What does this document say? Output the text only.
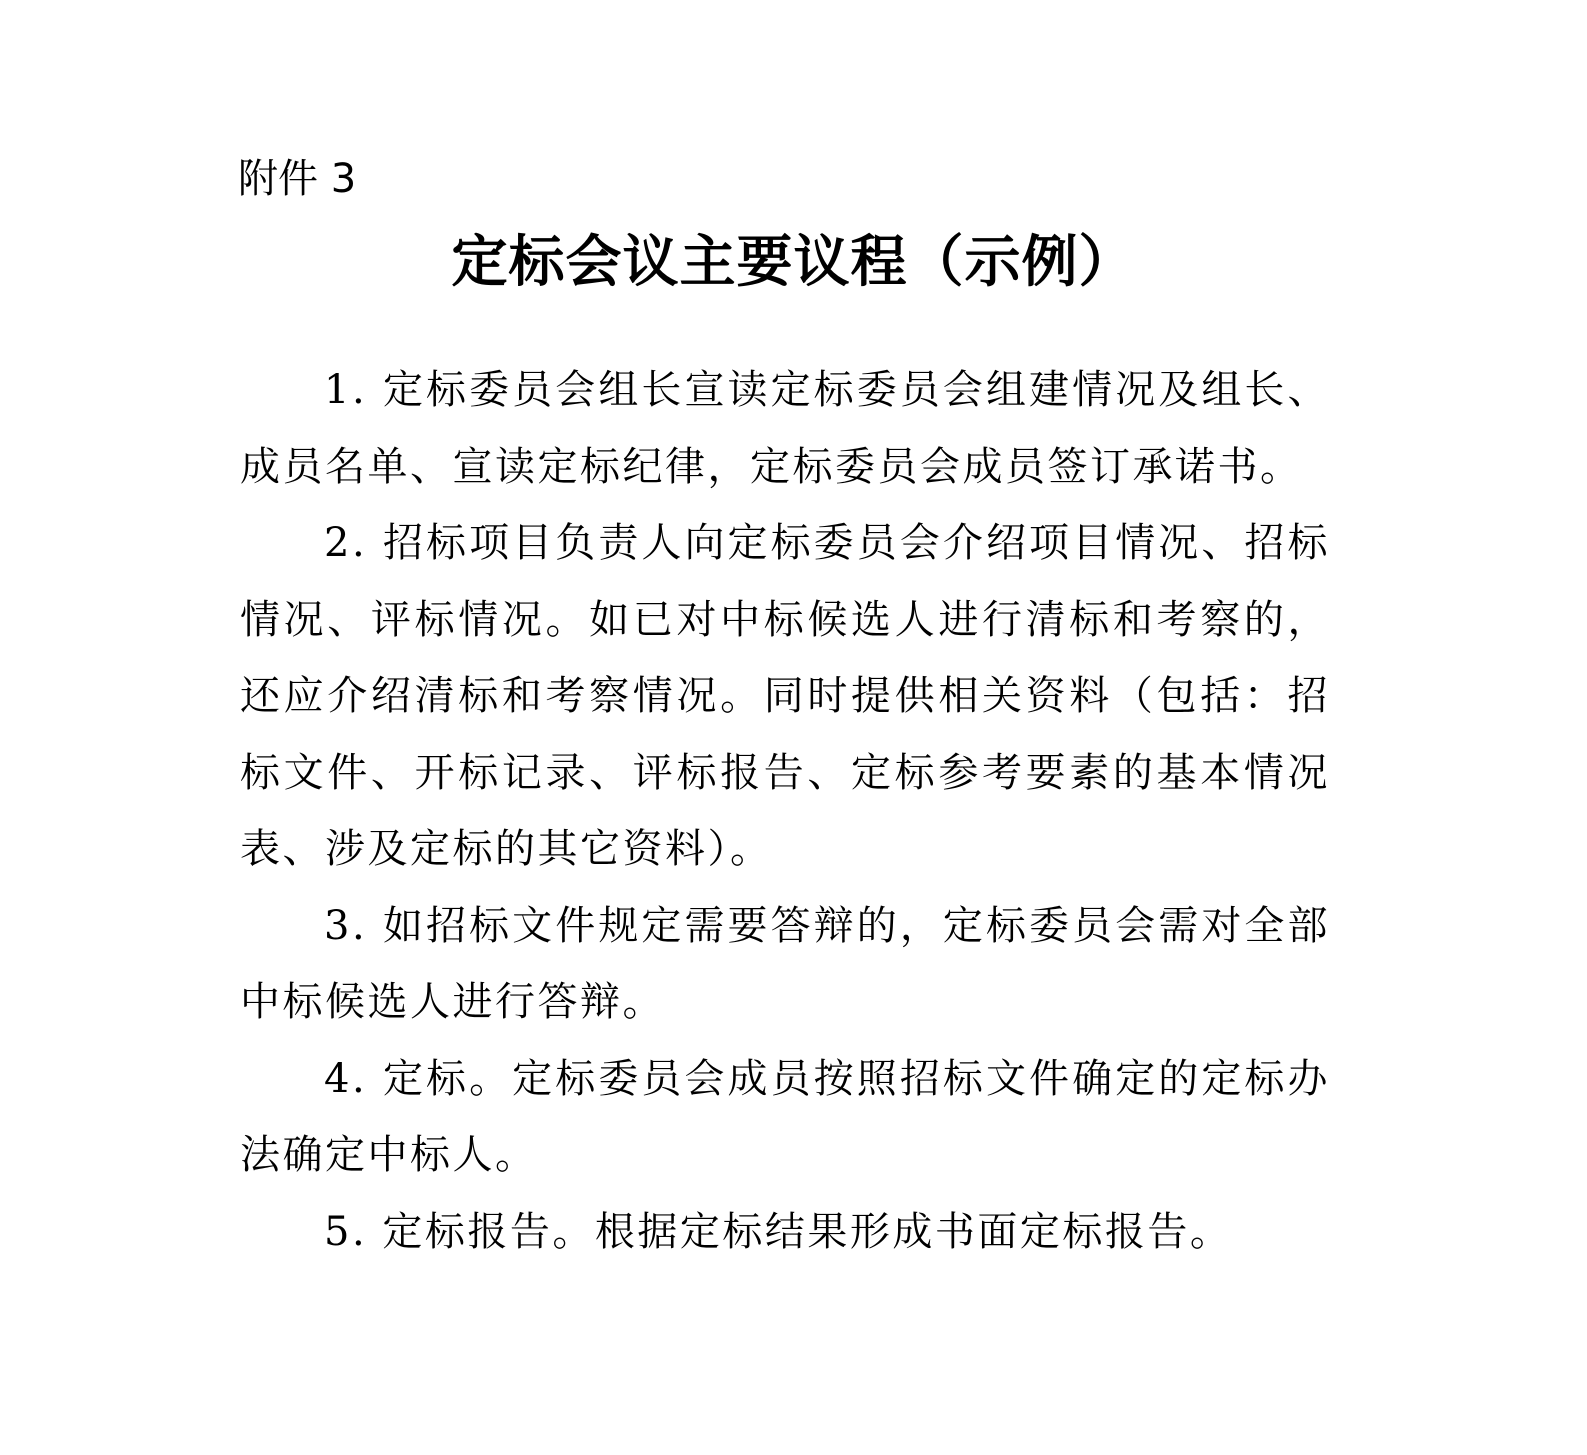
附件 3
定标会议主要议程（示例）

1. 定标委员会组长宣读定标委员会组建情况及组长、成员名单、宣读定标纪律，定标委员会成员签订承诺书。

2. 招标项目负责人向定标委员会介绍项目情况、招标情况、评标情况。如已对中标候选人进行清标和考察的，还应介绍清标和考察情况。同时提供相关资料（包括：招标文件、开标记录、评标报告、定标参考要素的基本情况表、涉及定标的其它资料）。

3. 如招标文件规定需要答辩的，定标委员会需对全部中标候选人进行答辩。

4. 定标。定标委员会成员按照招标文件确定的定标办法确定中标人。

5. 定标报告。根据定标结果形成书面定标报告。
